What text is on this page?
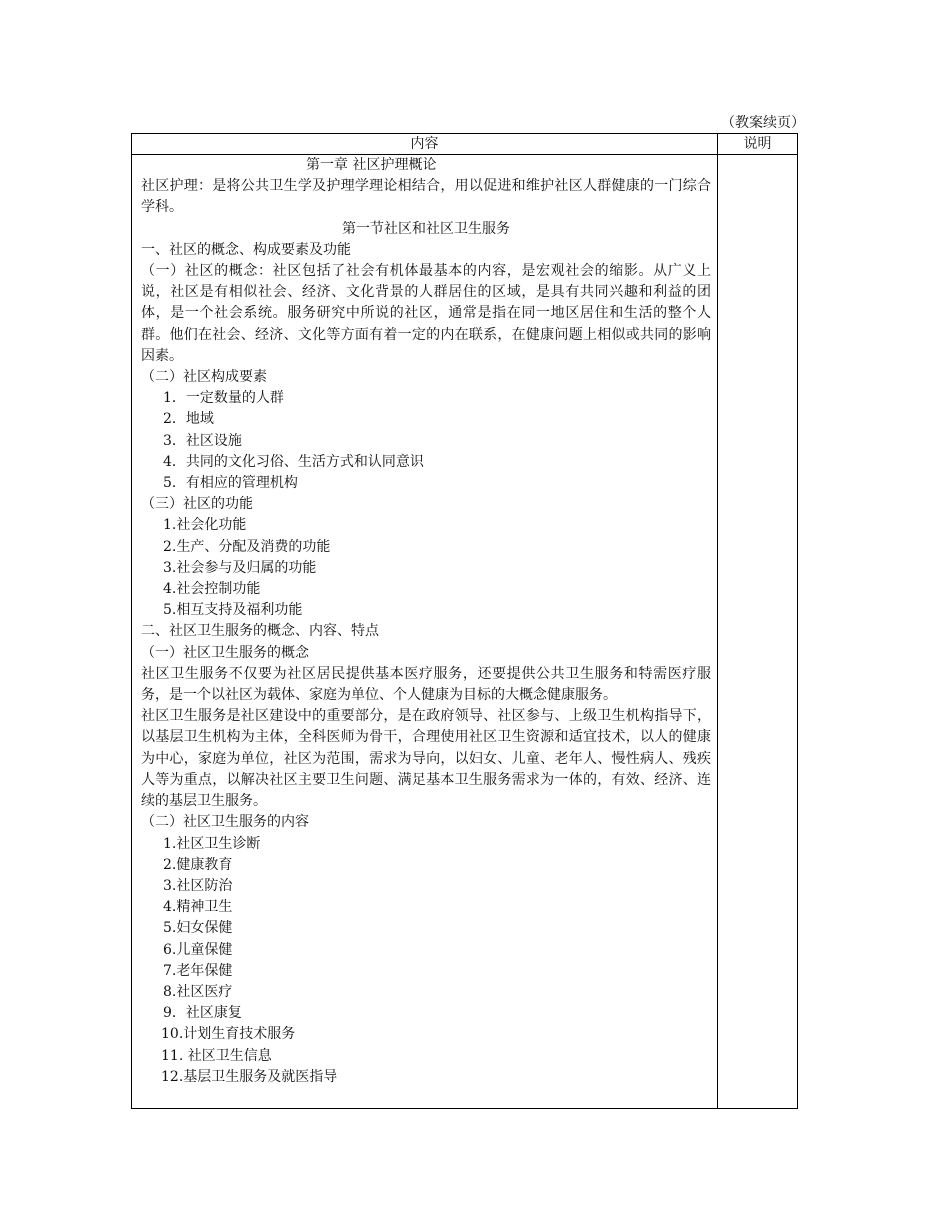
（教案续页）
内容	说明

第一章 社区护理概论

社区护理：是将公共卫生学及护理学理论相结合，用以促进和维护社区人群健康的一门综合学科。

第一节社区和社区卫生服务

一、社区的概念、构成要素及功能

（一）社区的概念：社区包括了社会有机体最基本的内容，是宏观社会的缩影。从广义上说，社区是有相似社会、经济、文化背景的人群居住的区域，是具有共同兴趣和利益的团体，是一个社会系统。服务研究中所说的社区，通常是指在同一地区居住和生活的整个人群。他们在社会、经济、文化等方面有着一定的内在联系，在健康问题上相似或共同的影响因素。

（二）社区构成要素

1．一定数量的人群

2．地域

3．社区设施

4．共同的文化习俗、生活方式和认同意识

5．有相应的管理机构

（三）社区的功能

1.社会化功能

2.生产、分配及消费的功能

3.社会参与及归属的功能

4.社会控制功能

5.相互支持及福利功能

二、社区卫生服务的概念、内容、特点

（一）社区卫生服务的概念

社区卫生服务不仅要为社区居民提供基本医疗服务，还要提供公共卫生服务和特需医疗服务，是一个以社区为载体、家庭为单位、个人健康为目标的大概念健康服务。

社区卫生服务是社区建设中的重要部分，是在政府领导、社区参与、上级卫生机构指导下，以基层卫生机构为主体，全科医师为骨干，合理使用社区卫生资源和适宜技术，以人的健康为中心，家庭为单位，社区为范围，需求为导向，以妇女、儿童、老年人、慢性病人、残疾人等为重点，以解决社区主要卫生问题、满足基本卫生服务需求为一体的，有效、经济、连续的基层卫生服务。

（二）社区卫生服务的内容

1.社区卫生诊断

2.健康教育

3.社区防治

4.精神卫生

5.妇女保健

6.儿童保健

7.老年保健

8.社区医疗

9．社区康复

10.计划生育技术服务

11. 社区卫生信息

12.基层卫生服务及就医指导
